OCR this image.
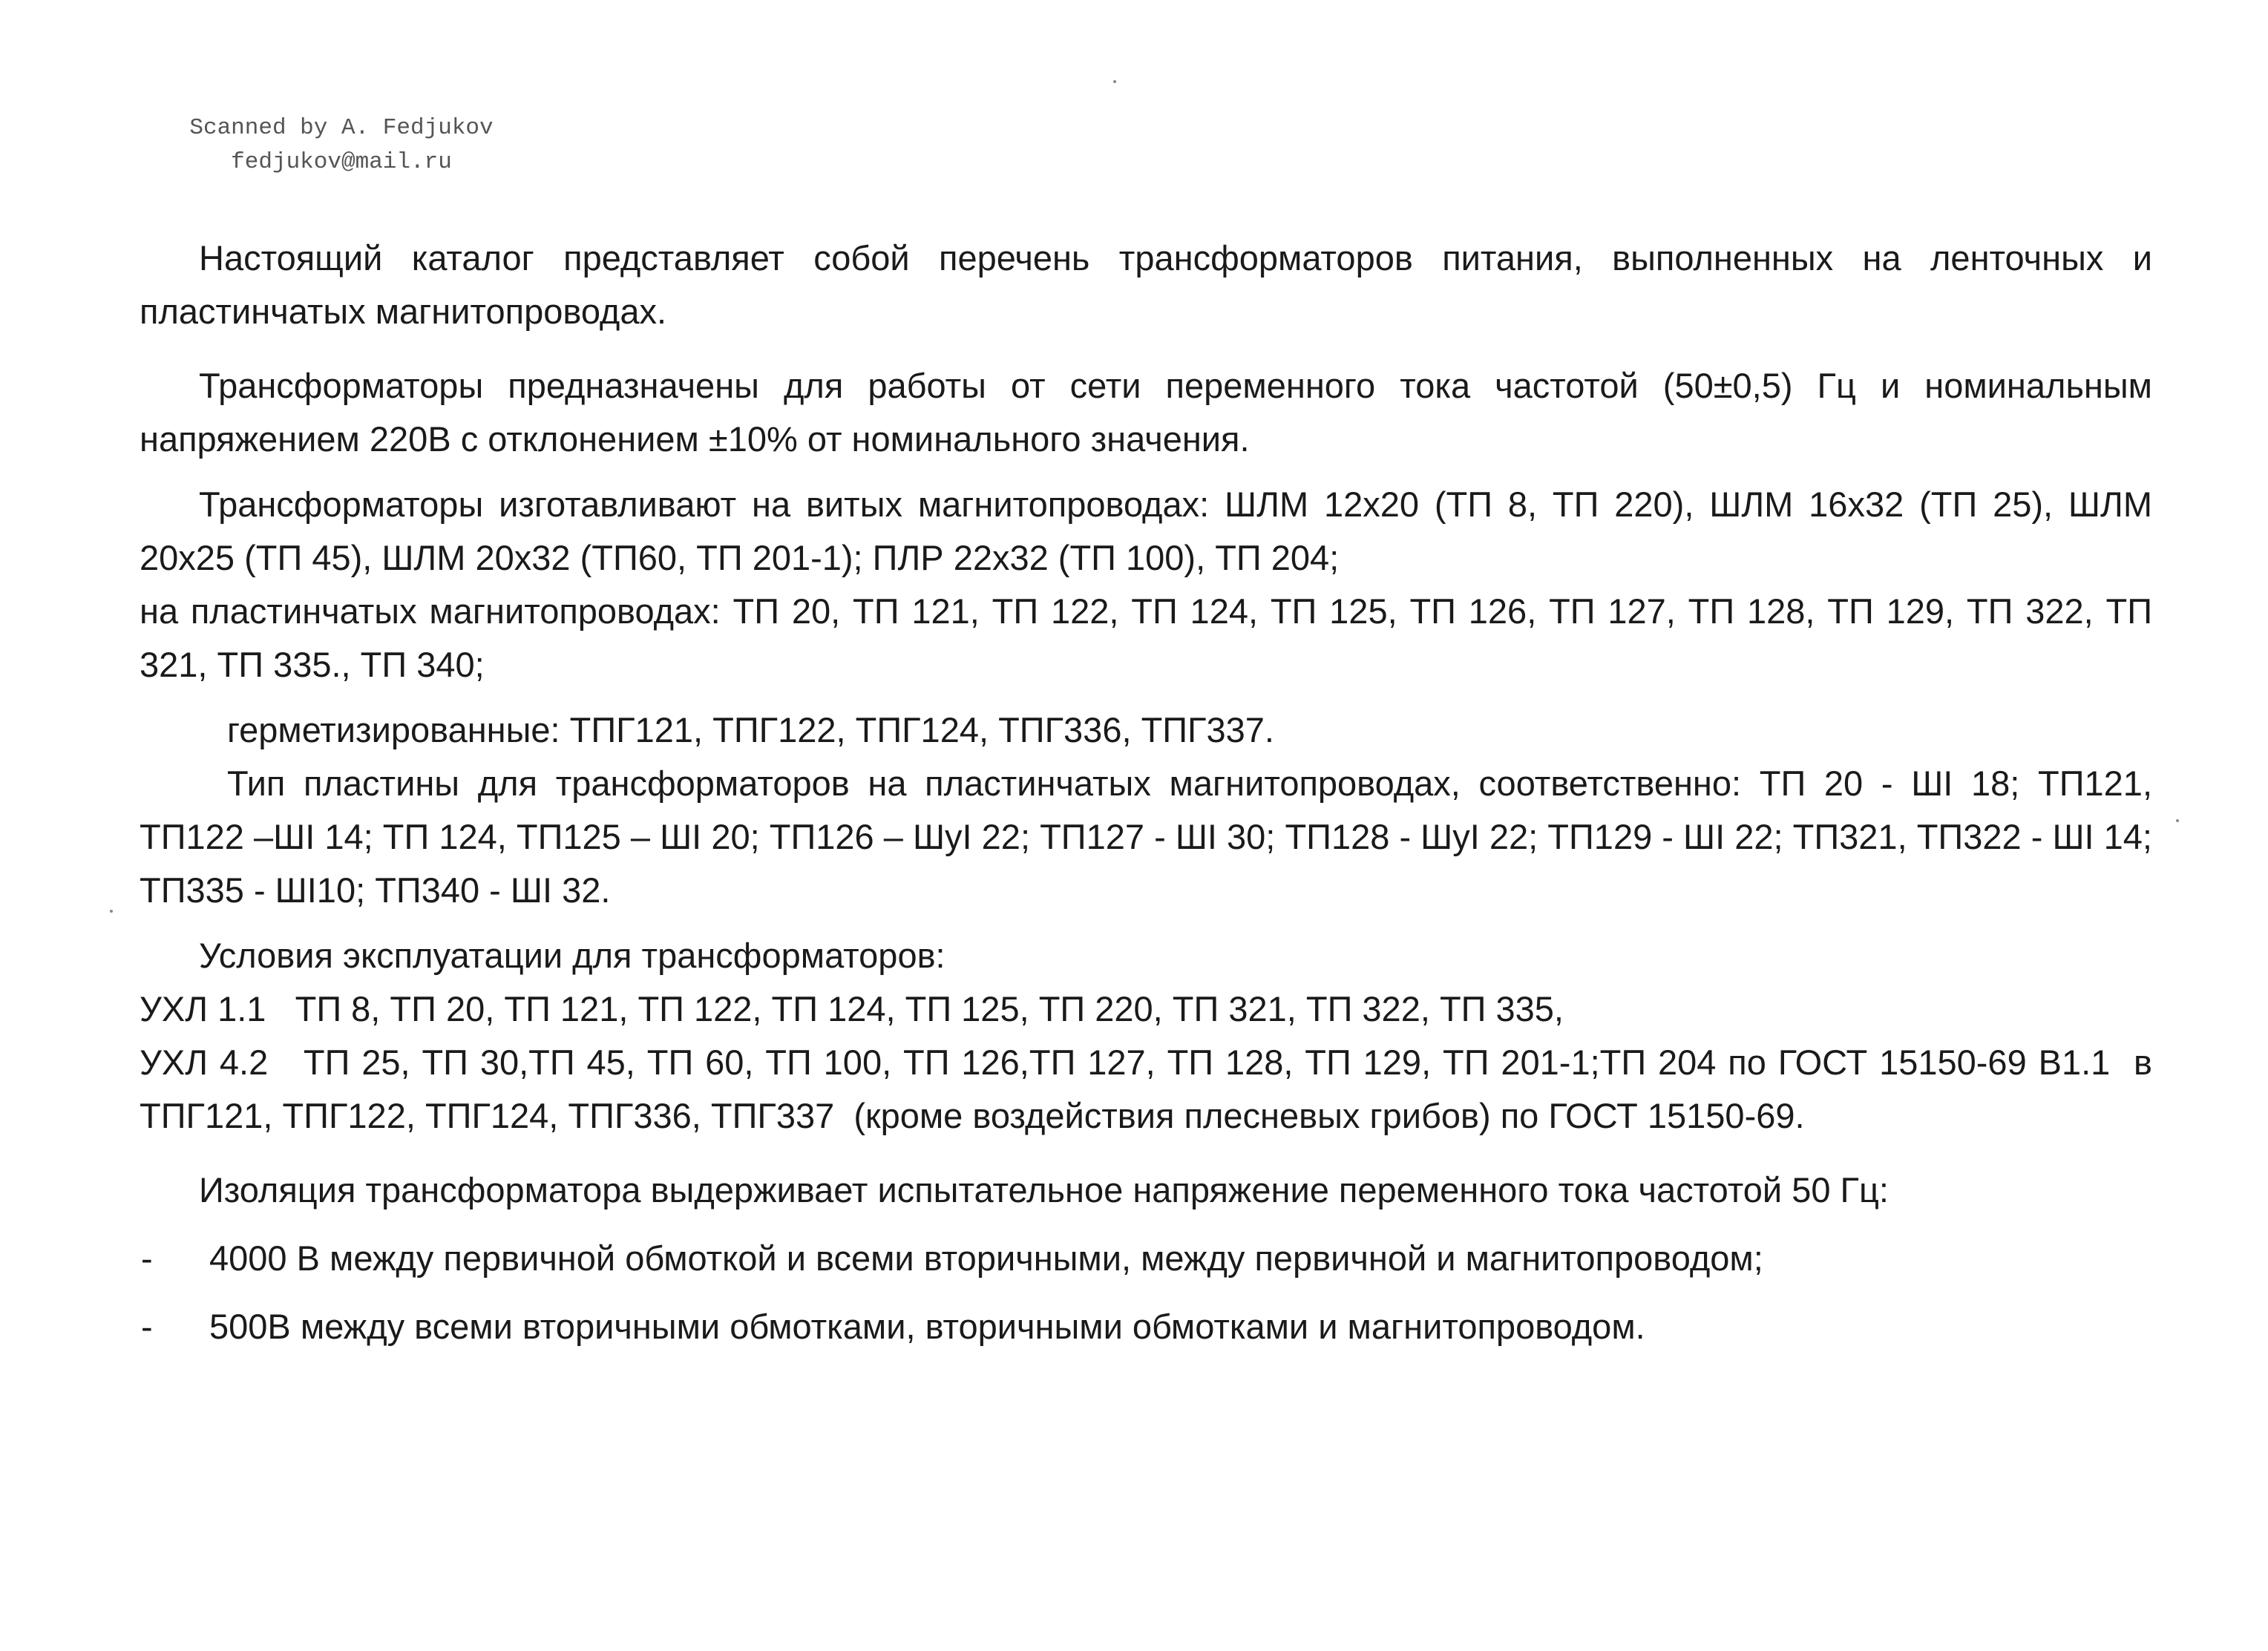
Scanned by A. Fedjukov
fedjukov@mail.ru

Настоящий каталог представляет собой перечень трансформаторов питания, выполненных на ленточных и пластинчатых магнитопроводах.

Трансформаторы предназначены для работы от сети переменного тока частотой (50±0,5) Гц и номинальным напряжением 220В с отклонением ±10% от номинального значения.

Трансформаторы изготавливают на витых магнитопроводах: ШЛМ 12х20 (ТП 8, ТП 220), ШЛМ 16х32 (ТП 25), ШЛМ 20х25 (ТП 45), ШЛМ 20х32 (ТП60, ТП 201-1); ПЛР 22х32 (ТП 100), ТП 204;

на пластинчатых магнитопроводах: ТП 20, ТП 121, ТП 122, ТП 124, ТП 125, ТП 126, ТП 127, ТП 128, ТП 129, ТП 322, ТП 321, ТП 335., ТП 340;

герметизированные: ТПГ121, ТПГ122, ТПГ124, ТПГ336, ТПГ337.

Тип пластины для трансформаторов на пластинчатых магнитопроводах, соответственно: ТП 20 - ШI 18; ТП121, ТП122 –ШI 14; ТП 124, ТП125 – ШI 20; ТП126 – ШуI 22; ТП127 - ШI 30; ТП128 - ШуI 22; ТП129 - ШI 22; ТП321, ТП322 - ШI 14; ТП335 - ШI10; ТП340 - ШI 32.

Условия эксплуатации для трансформаторов:

УХЛ 1.1   ТП 8, ТП 20, ТП 121, ТП 122, ТП 124, ТП 125, ТП 220, ТП 321, ТП 322, ТП 335,

УХЛ 4.2   ТП 25, ТП 30,ТП 45, ТП 60, ТП 100, ТП 126,ТП 127, ТП 128, ТП 129, ТП 201-1;ТП 204 по ГОСТ 15150-69 В1.1  в ТПГ121, ТПГ122, ТПГ124, ТПГ336, ТПГ337  (кроме воздействия плесневых грибов) по ГОСТ 15150-69.

Изоляция трансформатора выдерживает испытательное напряжение переменного тока частотой 50 Гц:

-	4000 В между первичной обмоткой и всеми вторичными, между первичной и магнитопроводом;
-	500В между всеми вторичными обмотками, вторичными обмотками и магнитопроводом.
